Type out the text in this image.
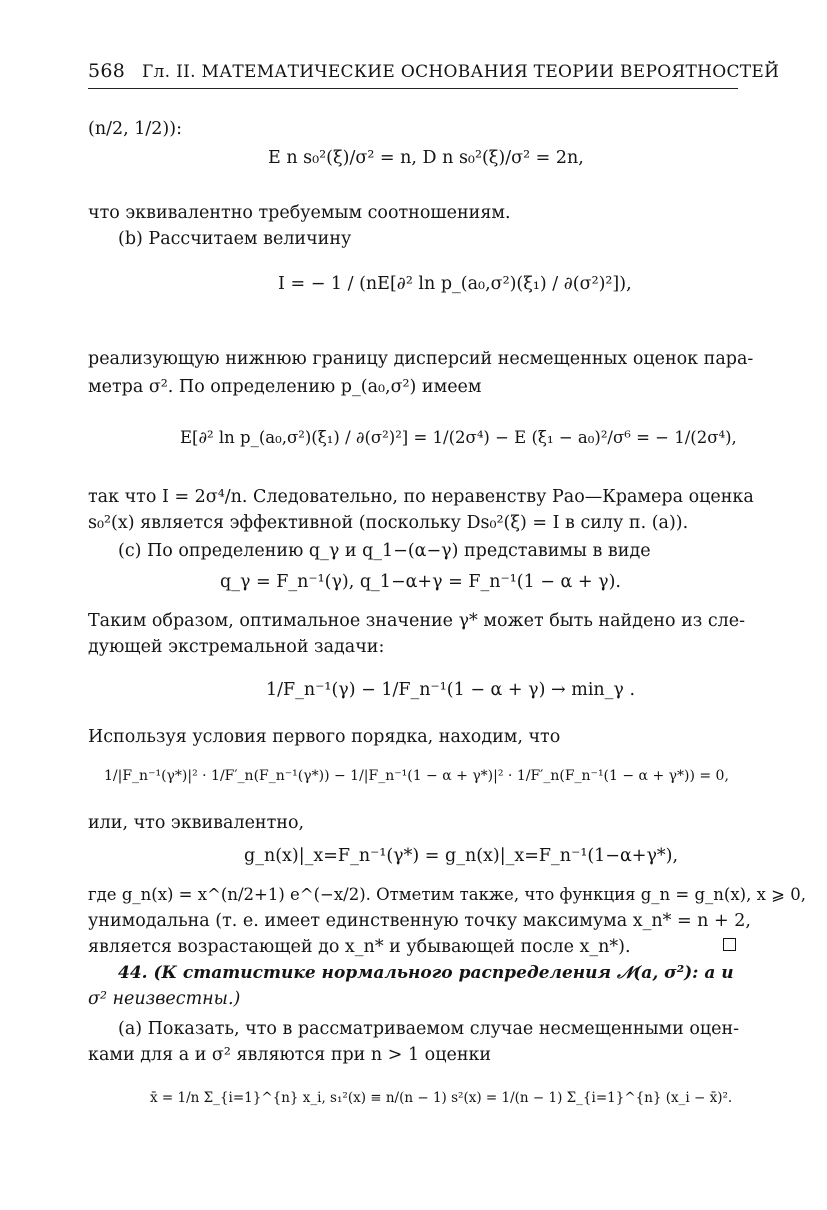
568 Гл. II. МАТЕМАТИЧЕСКИЕ ОСНОВАНИЯ ТЕОРИИ ВЕРОЯТНОСТЕЙ
(n/2, 1/2)):
E n s₀²(ξ)/σ² = n, D n s₀²(ξ)/σ² = 2n,
что эквивалентно требуемым соотношениям.
(b) Рассчитаем величину
I = − 1 / (nE[∂² ln p_(a₀,σ²)(ξ₁) / ∂(σ²)²]),
реализующую нижнюю границу дисперсий несмещенных оценок пара-
метра σ². По определению p_(a₀,σ²) имеем
E[∂² ln p_(a₀,σ²)(ξ₁) / ∂(σ²)²] = 1/(2σ⁴) − E (ξ₁ − a₀)²/σ⁶ = − 1/(2σ⁴),
так что I = 2σ⁴/n. Следовательно, по неравенству Рао—Крамера оценка
s₀²(x) является эффективной (поскольку Ds₀²(ξ) = I в силу п. (a)).
(c) По определению q_γ и q_1−(α−γ) представимы в виде
q_γ = F_n⁻¹(γ), q_1−α+γ = F_n⁻¹(1 − α + γ).
Таким образом, оптимальное значение γ* может быть найдено из сле-
дующей экстремальной задачи:
1/F_n⁻¹(γ) − 1/F_n⁻¹(1 − α + γ) → min_γ .
Используя условия первого порядка, находим, что
1/|F_n⁻¹(γ*)|² · 1/F′_n(F_n⁻¹(γ*)) − 1/|F_n⁻¹(1 − α + γ*)|² · 1/F′_n(F_n⁻¹(1 − α + γ*)) = 0,
или, что эквивалентно,
g_n(x)|_x=F_n⁻¹(γ*) = g_n(x)|_x=F_n⁻¹(1−α+γ*),
где g_n(x) = x^(n/2+1) e^(−x/2). Отметим также, что функция g_n = g_n(x), x ⩾ 0,
унимодальна (т. е. имеет единственную точку максимума x_n* = n + 2,
является возрастающей до x_n* и убывающей после x_n*).
44. (К статистике нормального распределения 𝒩(a, σ²): a и
σ² неизвестны.)
(a) Показать, что в рассматриваемом случае несмещенными оцен-
ками для a и σ² являются при n > 1 оценки
x̄ = 1/n Σ_{i=1}^{n} x_i, s₁²(x) ≡ n/(n − 1) s²(x) = 1/(n − 1) Σ_{i=1}^{n} (x_i − x̄)².
